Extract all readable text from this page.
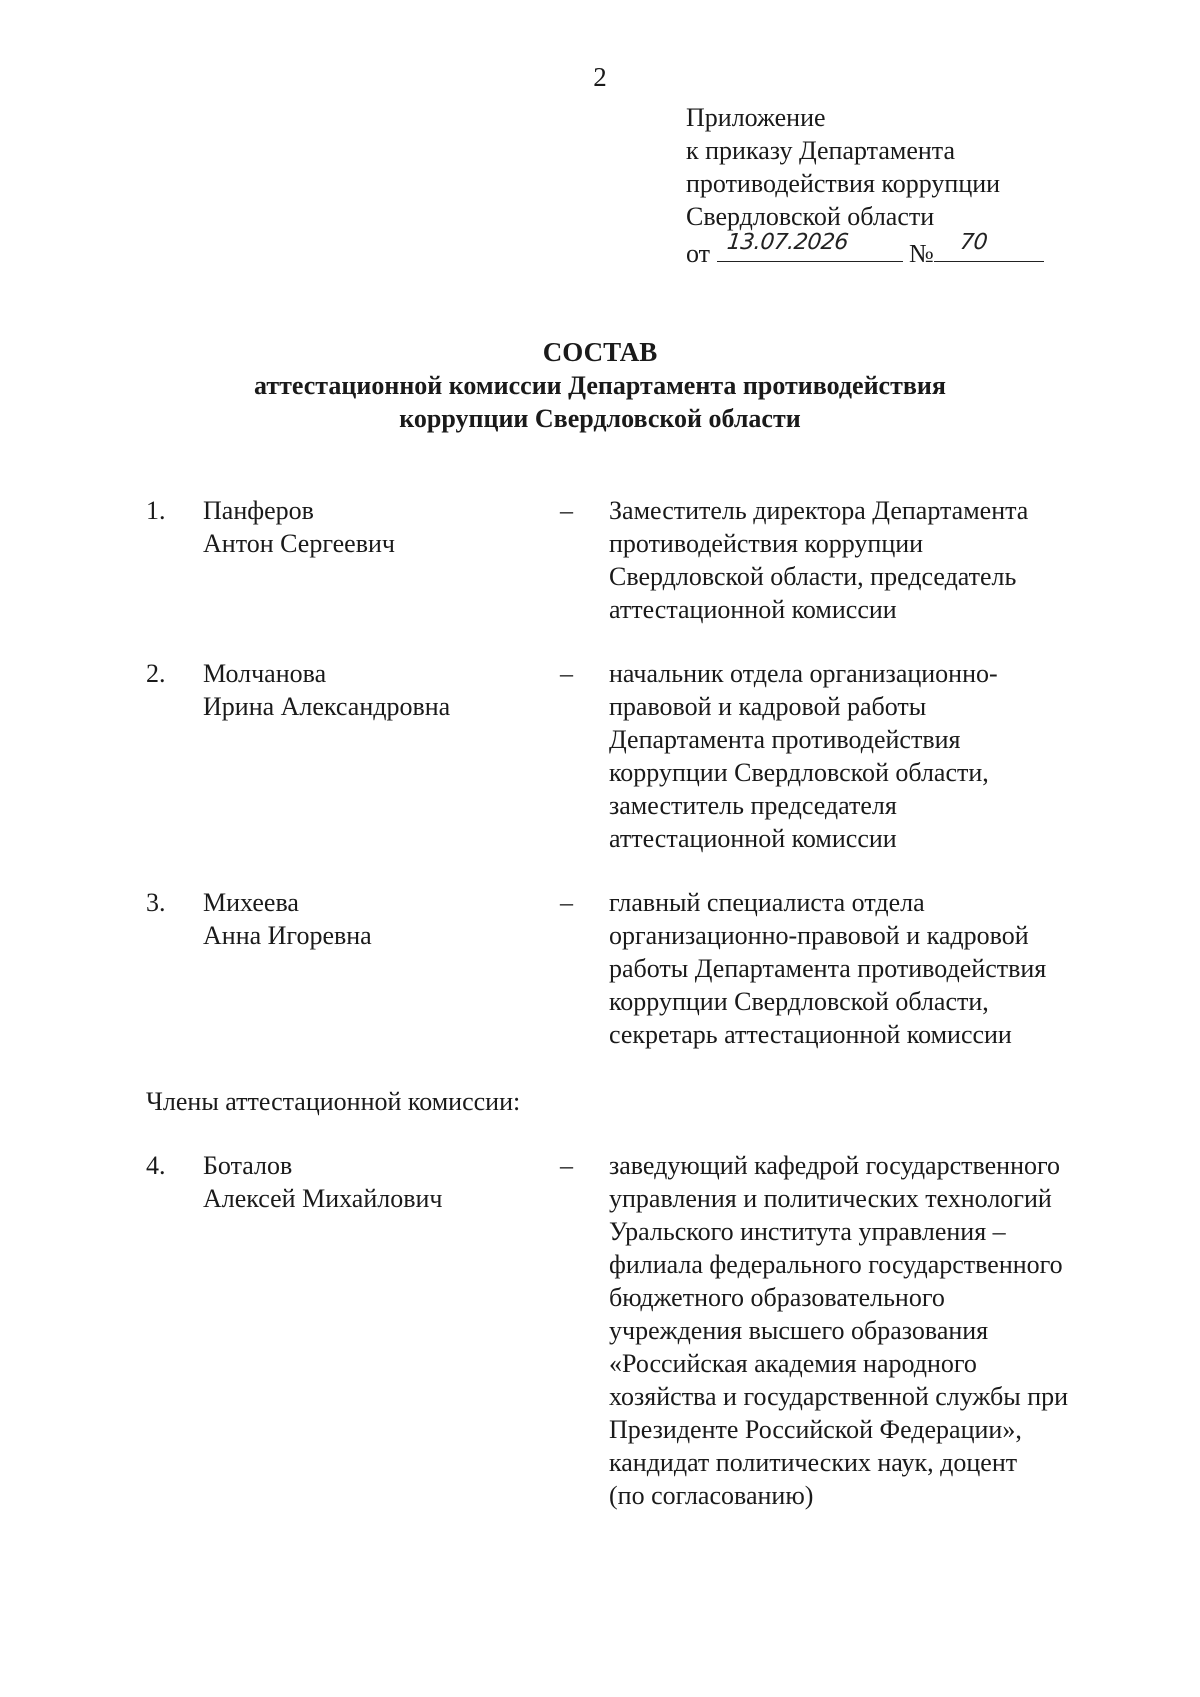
2
Приложение
к приказу Департамента
противодействия коррупции
Свердловской области
от 13.07.2026 № 70
СОСТАВ
аттестационной комиссии Департамента противодействия
коррупции Свердловской области
1. Панферов
Антон Сергеевич
– Заместитель директора Департамента
противодействия коррупции
Свердловской области, председатель
аттестационной комиссии
2. Молчанова
Ирина Александровна
– начальник отдела организационно-
правовой и кадровой работы
Департамента противодействия
коррупции Свердловской области,
заместитель председателя
аттестационной комиссии
3. Михеева
Анна Игоревна
– главный специалиста отдела
организационно-правовой и кадровой
работы Департамента противодействия
коррупции Свердловской области,
секретарь аттестационной комиссии
Члены аттестационной комиссии:
4. Боталов
Алексей Михайлович
– заведующий кафедрой государственного
управления и политических технологий
Уральского института управления –
филиала федерального государственного
бюджетного образовательного
учреждения высшего образования
«Российская академия народного
хозяйства и государственной службы при
Президенте Российской Федерации»,
кандидат политических наук, доцент
(по согласованию)
